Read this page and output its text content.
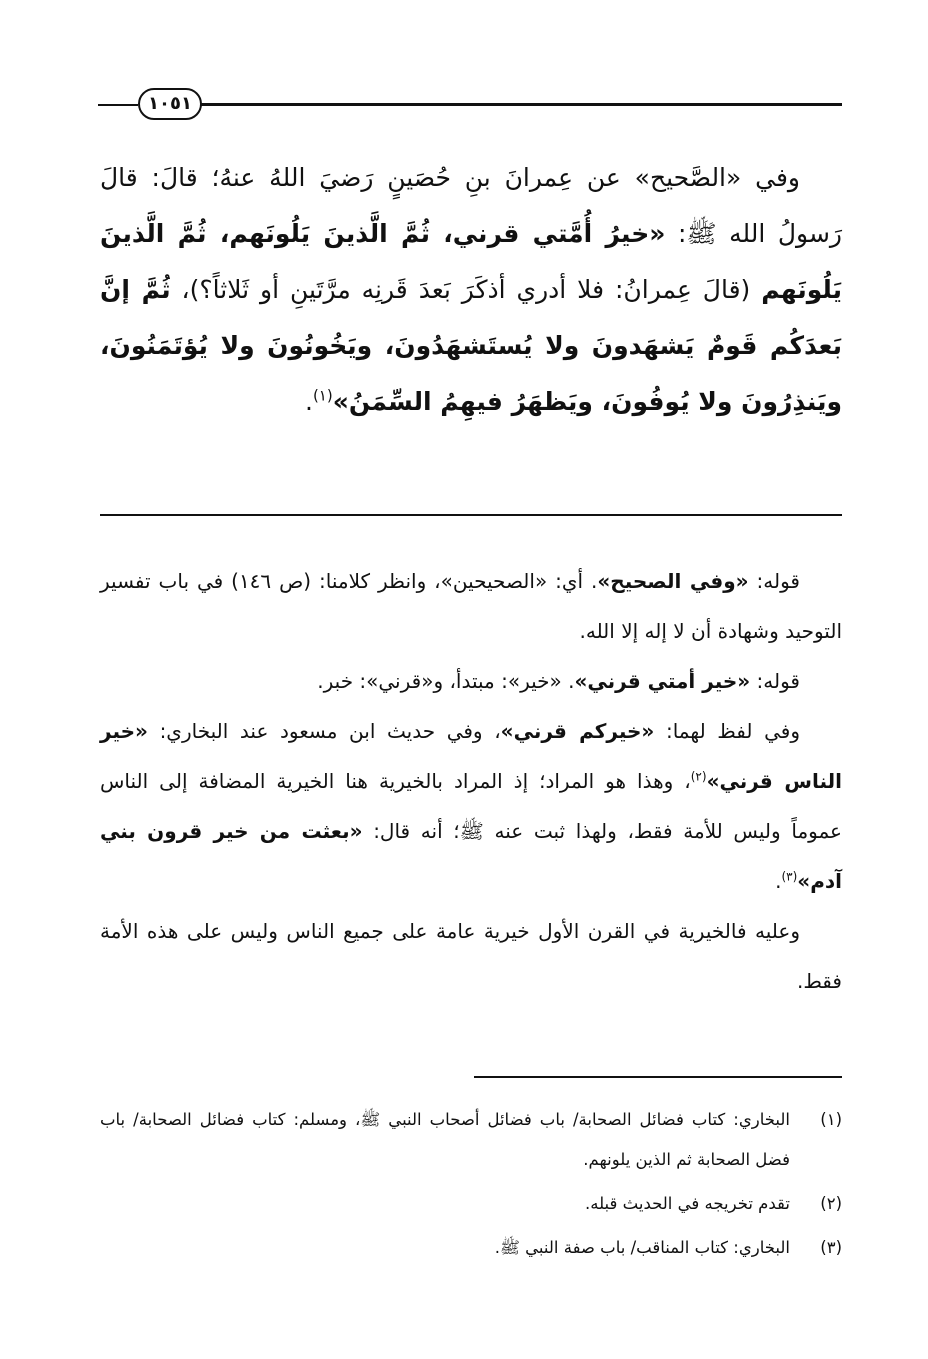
١٠٥١

وفي «الصَّحيح» عن عِمرانَ بنِ حُصَينٍ رَضيَ اللهُ عنهُ؛ قالَ: قالَ رَسولُ الله ﷺ: «خيرُ أُمَّتي قرني، ثُمَّ الَّذينَ يَلُونَهم، ثُمَّ الَّذينَ يَلُونَهم (قالَ عِمرانُ: فلا أدري أذكَرَ بَعدَ قَرنِه مرَّتَينِ أو ثَلاثاً؟)، ثُمَّ إنَّ بَعدَكُم قَومٌ يَشهَدونَ ولا يُستَشهَدُونَ، ويَخُونُونَ ولا يُؤتَمَنُونَ، ويَنذِرُونَ ولا يُوفُونَ، ويَظهَرُ فيهِمُ السِّمَنُ»$^{(١)}$.

قوله: «وفي الصحيح». أي: «الصحيحين»، وانظر كلامنا: (ص ١٤٦) في باب تفسير التوحيد وشهادة أن لا إله إلا الله.

قوله: «خير أمتي قرني». «خير»: مبتدأ، و«قرني»: خبر.

وفي لفظ لهما: «خيركم قرني»، وفي حديث ابن مسعود عند البخاري: «خير الناس قرني»$^{(٢)}$، وهذا هو المراد؛ إذ المراد بالخيرية هنا الخيرية المضافة إلى الناس عموماً وليس للأمة فقط، ولهذا ثبت عنه ﷺ؛ أنه قال: «بعثت من خير قرون بني آدم»$^{(٣)}$.

وعليه فالخيرية في القرن الأول خيرية عامة على جميع الناس وليس على هذه الأمة فقط.

(١)
البخاري: كتاب فضائل الصحابة/ باب فضائل أصحاب النبي ﷺ، ومسلم: كتاب فضائل الصحابة/ باب فضل الصحابة ثم الذين يلونهم.
(٢)
تقدم تخريجه في الحديث قبله.
(٣)
البخاري: كتاب المناقب/ باب صفة النبي ﷺ.
